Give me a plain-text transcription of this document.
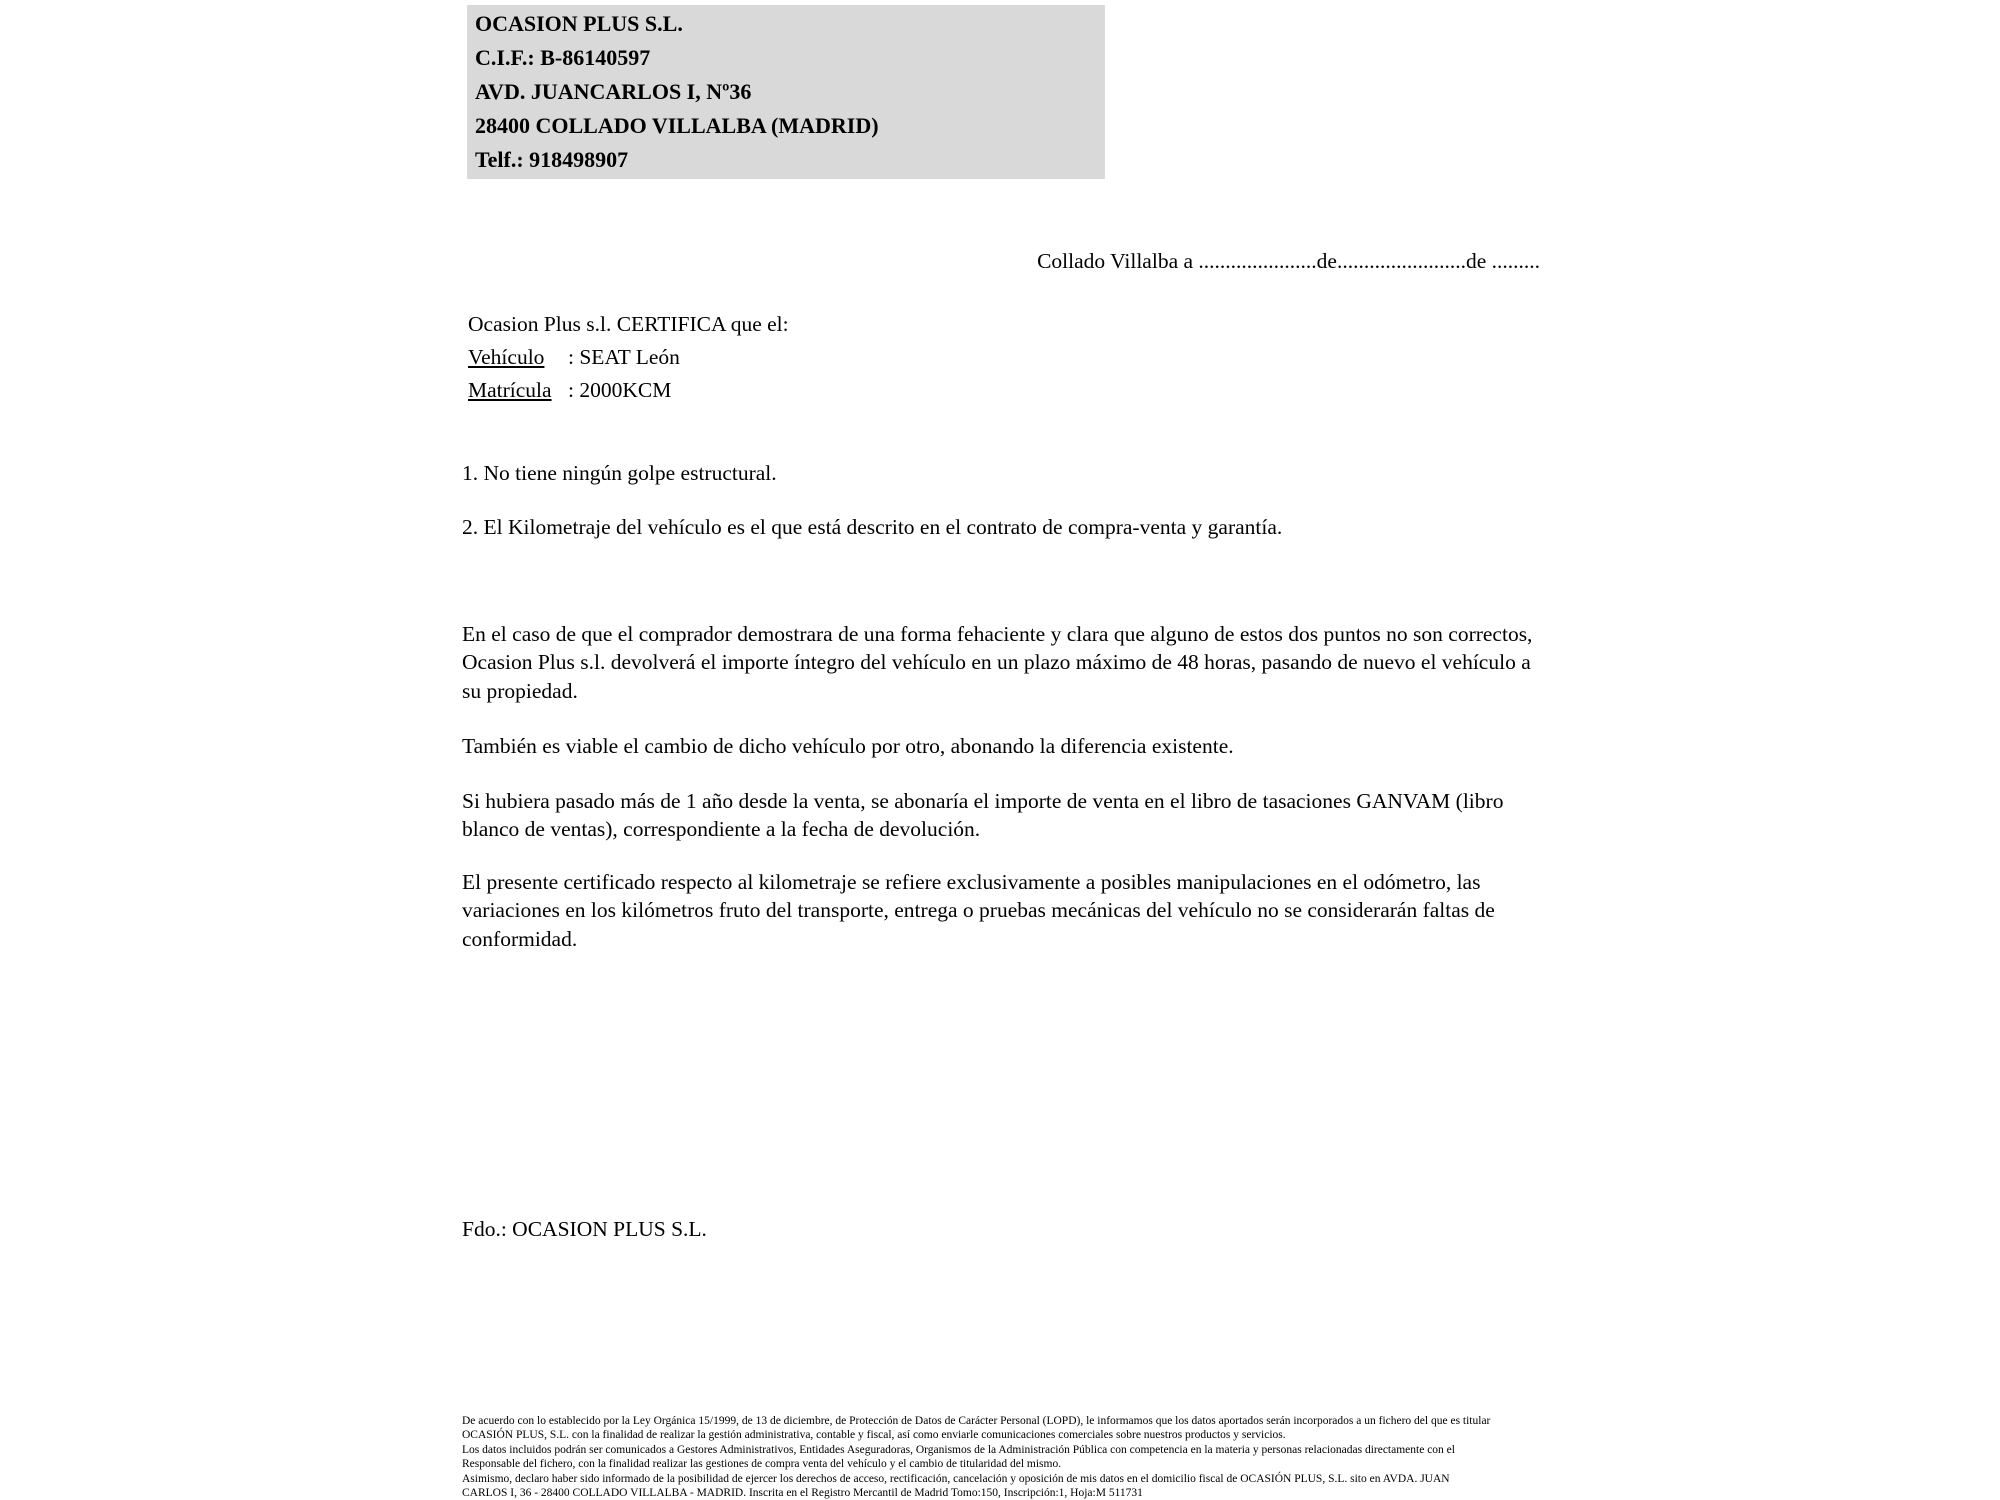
OCASION PLUS S.L.
C.I.F.: B-86140597
AVD. JUANCARLOS I, Nº36
28400 COLLADO VILLALBA (MADRID)
Telf.: 918498907
Collado Villalba a ......................de........................de .........
Ocasion Plus s.l. CERTIFICA que el:
Vehículo : SEAT León
Matrícula : 2000KCM

1. No tiene ningún golpe estructural.

2. El Kilometraje del vehículo es el que está descrito en el contrato de compra-venta y garantía.

En el caso de que el comprador demostrara de una forma fehaciente y clara que alguno de estos dos puntos no son correctos, Ocasion Plus s.l. devolverá el importe íntegro del vehículo en un plazo máximo de 48 horas, pasando de nuevo el vehículo a su propiedad.

También es viable el cambio de dicho vehículo por otro, abonando la diferencia existente.

Si hubiera pasado más de 1 año desde la venta, se abonaría el importe de venta en el libro de tasaciones GANVAM (libro blanco de ventas), correspondiente a la fecha de devolución.

El presente certificado respecto al kilometraje se refiere exclusivamente a posibles manipulaciones en el odómetro, las variaciones en los kilómetros fruto del transporte, entrega o pruebas mecánicas del vehículo no se considerarán faltas de conformidad.

Fdo.: OCASION PLUS S.L.

De acuerdo con lo establecido por la Ley Orgánica 15/1999, de 13 de diciembre, de Protección de Datos de Carácter Personal (LOPD), le informamos que los datos aportados serán incorporados a un fichero del que es titular
OCASIÓN PLUS, S.L. con la finalidad de realizar la gestión administrativa, contable y fiscal, así como enviarle comunicaciones comerciales sobre nuestros productos y servicios.
Los datos incluidos podrán ser comunicados a Gestores Administrativos, Entidades Aseguradoras, Organismos de la Administración Pública con competencia en la materia y personas relacionadas directamente con el
Responsable del fichero, con la finalidad realizar las gestiones de compra venta del vehículo y el cambio de titularidad del mismo.
Asimismo, declaro haber sido informado de la posibilidad de ejercer los derechos de acceso, rectificación, cancelación y oposición de mis datos en el domicilio fiscal de OCASIÓN PLUS, S.L. sito en AVDA. JUAN
CARLOS I, 36 - 28400 COLLADO VILLALBA - MADRID. Inscrita en el Registro Mercantil de Madrid Tomo:150, Inscripción:1, Hoja:M 511731
